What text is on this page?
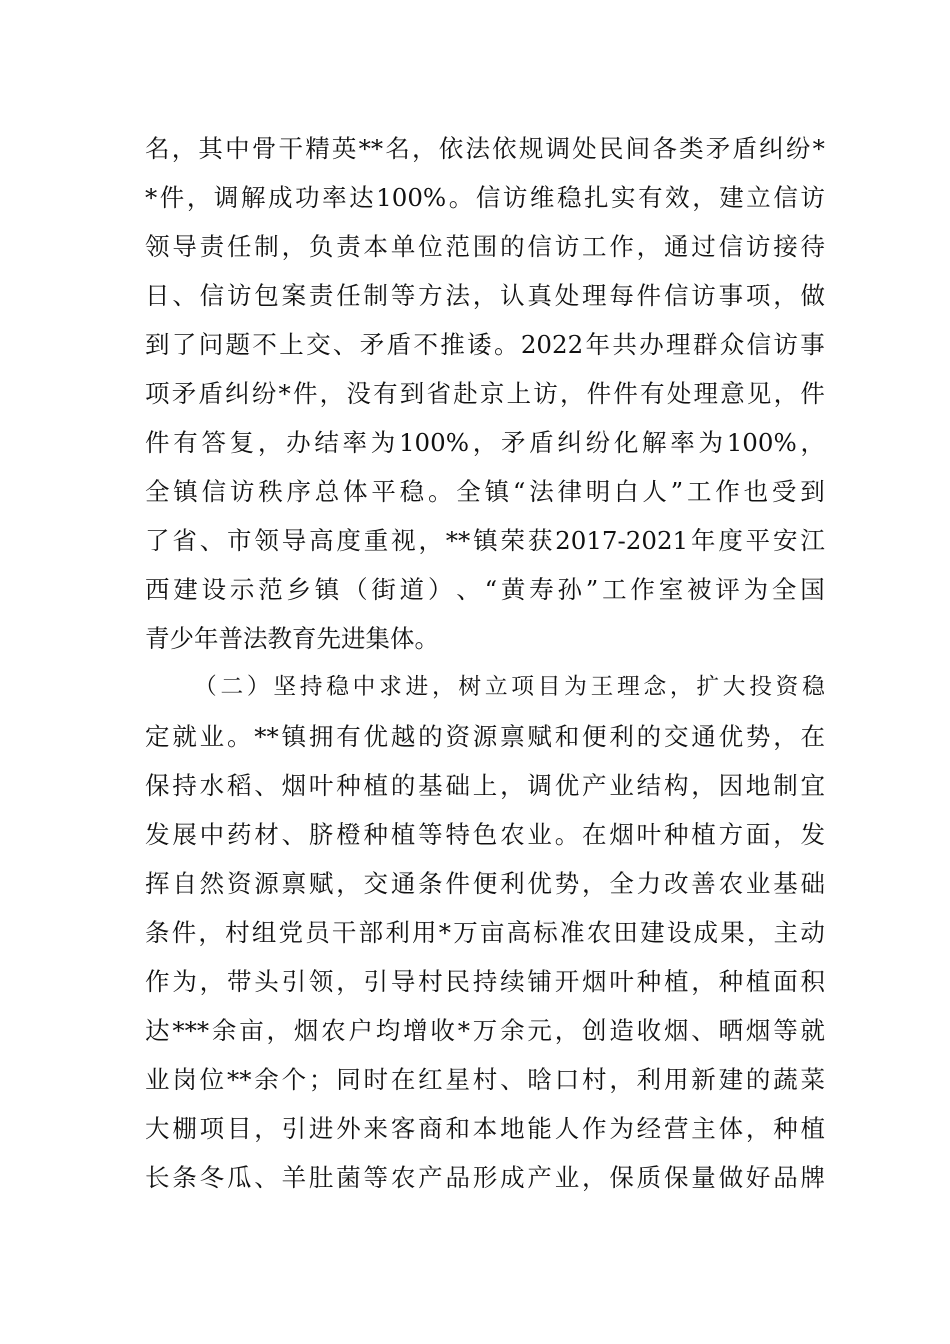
名 ， 其 中 骨 干 精 英 ** 名 ， 依 法 依 规 调 处 民 间 各 类 矛 盾 纠 纷 *
* 件 ， 调 解 成 功 率 达 100% 。 信 访 维 稳 扎 实 有 效 ， 建 立 信 访
领 导 责 任 制 ， 负 责 本 单 位 范 围 的 信 访 工 作 ， 通 过 信 访 接 待
日 、 信 访 包 案 责 任 制 等 方 法 ， 认 真 处 理 每 件 信 访 事 项 ， 做
到 了 问 题 不 上 交 、 矛 盾 不 推 诿 。 2022 年 共 办 理 群 众 信 访 事
项 矛 盾 纠 纷 * 件 ， 没 有 到 省 赴 京 上 访 ， 件 件 有 处 理 意 见 ， 件
件 有 答 复 ， 办 结 率 为 100% ， 矛 盾 纠 纷 化 解 率 为 100% ，
全 镇 信 访 秩 序 总 体 平 稳 。 全 镇 “ 法 律 明 白 人 ” 工 作 也 受 到
了 省 、 市 领 导 高 度 重 视 ， ** 镇 荣 获 2017-2021 年 度 平 安 江
西 建 设 示 范 乡 镇 （ 街 道 ） 、 “ 黄 寿 孙 ” 工 作 室 被 评 为 全 国
青 少 年 普 法 教 育 先 进 集 体 。
（ 二 ） 坚 持 稳 中 求 进 ， 树 立 项 目 为 王 理 念 ， 扩 大 投 资 稳
定 就 业 。 ** 镇 拥 有 优 越 的 资 源 禀 赋 和 便 利 的 交 通 优 势 ， 在
保 持 水 稻 、 烟 叶 种 植 的 基 础 上 ， 调 优 产 业 结 构 ， 因 地 制 宜
发 展 中 药 材 、 脐 橙 种 植 等 特 色 农 业 。 在 烟 叶 种 植 方 面 ， 发
挥 自 然 资 源 禀 赋 ， 交 通 条 件 便 利 优 势 ， 全 力 改 善 农 业 基 础
条 件 ， 村 组 党 员 干 部 利 用 * 万 亩 高 标 准 农 田 建 设 成 果 ， 主 动
作 为 ， 带 头 引 领 ， 引 导 村 民 持 续 铺 开 烟 叶 种 植 ， 种 植 面 积
达 *** 余 亩 ， 烟 农 户 均 增 收 * 万 余 元 ， 创 造 收 烟 、 晒 烟 等 就
业 岗 位 ** 余 个 ； 同 时 在 红 星 村 、 晗 口 村 ， 利 用 新 建 的 蔬 菜
大 棚 项 目 ， 引 进 外 来 客 商 和 本 地 能 人 作 为 经 营 主 体 ， 种 植
长 条 冬 瓜 、 羊 肚 菌 等 农 产 品 形 成 产 业 ， 保 质 保 量 做 好 品 牌
